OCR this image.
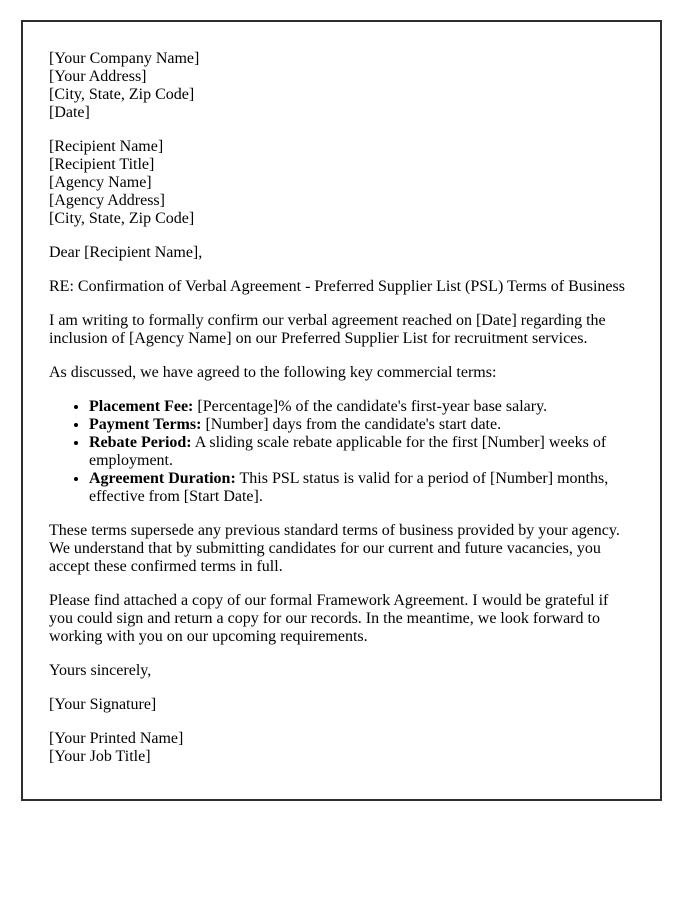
[Your Company Name]
[Your Address]
[City, State, Zip Code]
[Date]
[Recipient Name]
[Recipient Title]
[Agency Name]
[Agency Address]
[City, State, Zip Code]
Dear [Recipient Name],
RE: Confirmation of Verbal Agreement - Preferred Supplier List (PSL) Terms of Business
I am writing to formally confirm our verbal agreement reached on [Date] regarding the inclusion of [Agency Name] on our Preferred Supplier List for recruitment services.
As discussed, we have agreed to the following key commercial terms:
• Placement Fee: [Percentage]% of the candidate's first-year base salary.
• Payment Terms: [Number] days from the candidate's start date.
• Rebate Period: A sliding scale rebate applicable for the first [Number] weeks of employment.
• Agreement Duration: This PSL status is valid for a period of [Number] months, effective from [Start Date].
These terms supersede any previous standard terms of business provided by your agency. We understand that by submitting candidates for our current and future vacancies, you accept these confirmed terms in full.
Please find attached a copy of our formal Framework Agreement. I would be grateful if you could sign and return a copy for our records. In the meantime, we look forward to working with you on our upcoming requirements.
Yours sincerely,
[Your Signature]
[Your Printed Name]
[Your Job Title]
